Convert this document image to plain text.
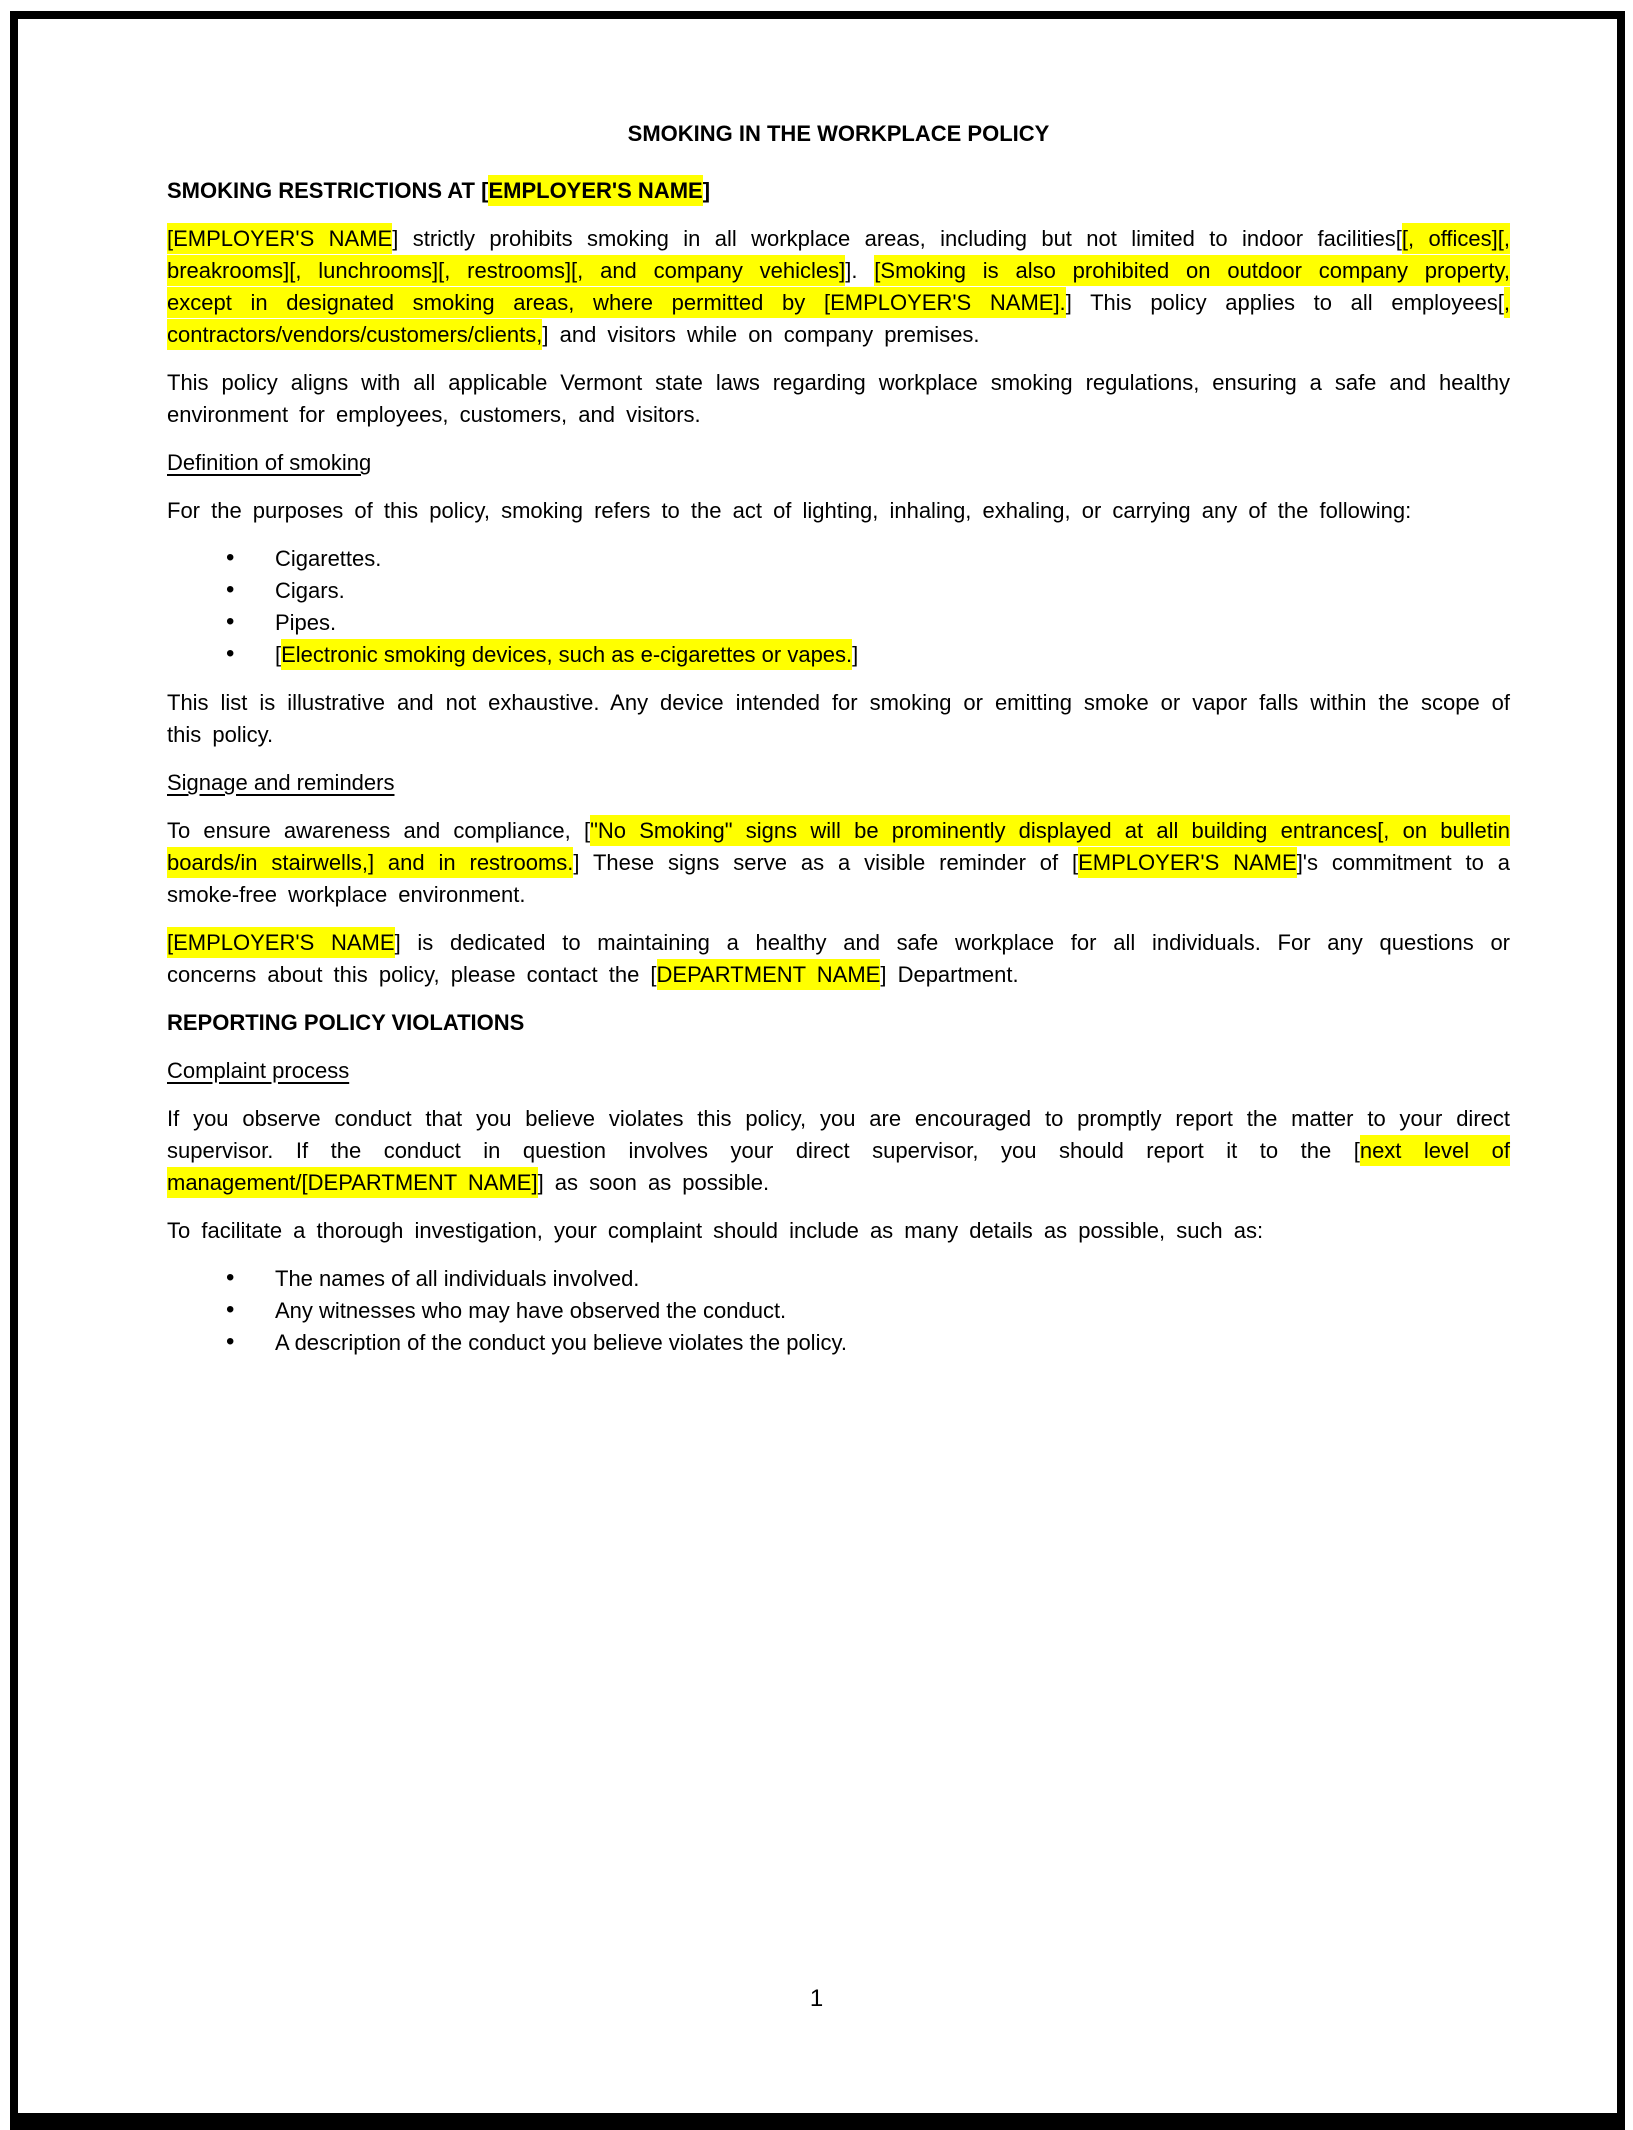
SMOKING IN THE WORKPLACE POLICY
SMOKING RESTRICTIONS AT [EMPLOYER'S NAME]

[EMPLOYER'S NAME] strictly prohibits smoking in all workplace areas, including but not limited to indoor facilities[[, offices][, breakrooms][, lunchrooms][, restrooms][, and company vehicles]]. [Smoking is also prohibited on outdoor company property, except in designated smoking areas, where permitted by [EMPLOYER'S NAME].] This policy applies to all employees[, contractors/vendors/customers/clients,] and visitors while on company premises.

This policy aligns with all applicable Vermont state laws regarding workplace smoking regulations, ensuring a safe and healthy environment for employees, customers, and visitors.

Definition of smoking

For the purposes of this policy, smoking refers to the act of lighting, inhaling, exhaling, or carrying any of the following:

• Cigarettes.
• Cigars.
• Pipes.
• [Electronic smoking devices, such as e-cigarettes or vapes.]

This list is illustrative and not exhaustive. Any device intended for smoking or emitting smoke or vapor falls within the scope of this policy.

Signage and reminders

To ensure awareness and compliance, ["No Smoking" signs will be prominently displayed at all building entrances[, on bulletin boards/in stairwells,] and in restrooms.] These signs serve as a visible reminder of [EMPLOYER'S NAME]'s commitment to a smoke-free workplace environment.

[EMPLOYER'S NAME] is dedicated to maintaining a healthy and safe workplace for all individuals. For any questions or concerns about this policy, please contact the [DEPARTMENT NAME] Department.

REPORTING POLICY VIOLATIONS
Complaint process

If you observe conduct that you believe violates this policy, you are encouraged to promptly report the matter to your direct supervisor. If the conduct in question involves your direct supervisor, you should report it to the [next level of management/[DEPARTMENT NAME]] as soon as possible.

To facilitate a thorough investigation, your complaint should include as many details as possible, such as:

• The names of all individuals involved.
• Any witnesses who may have observed the conduct.
• A description of the conduct you believe violates the policy.
1
